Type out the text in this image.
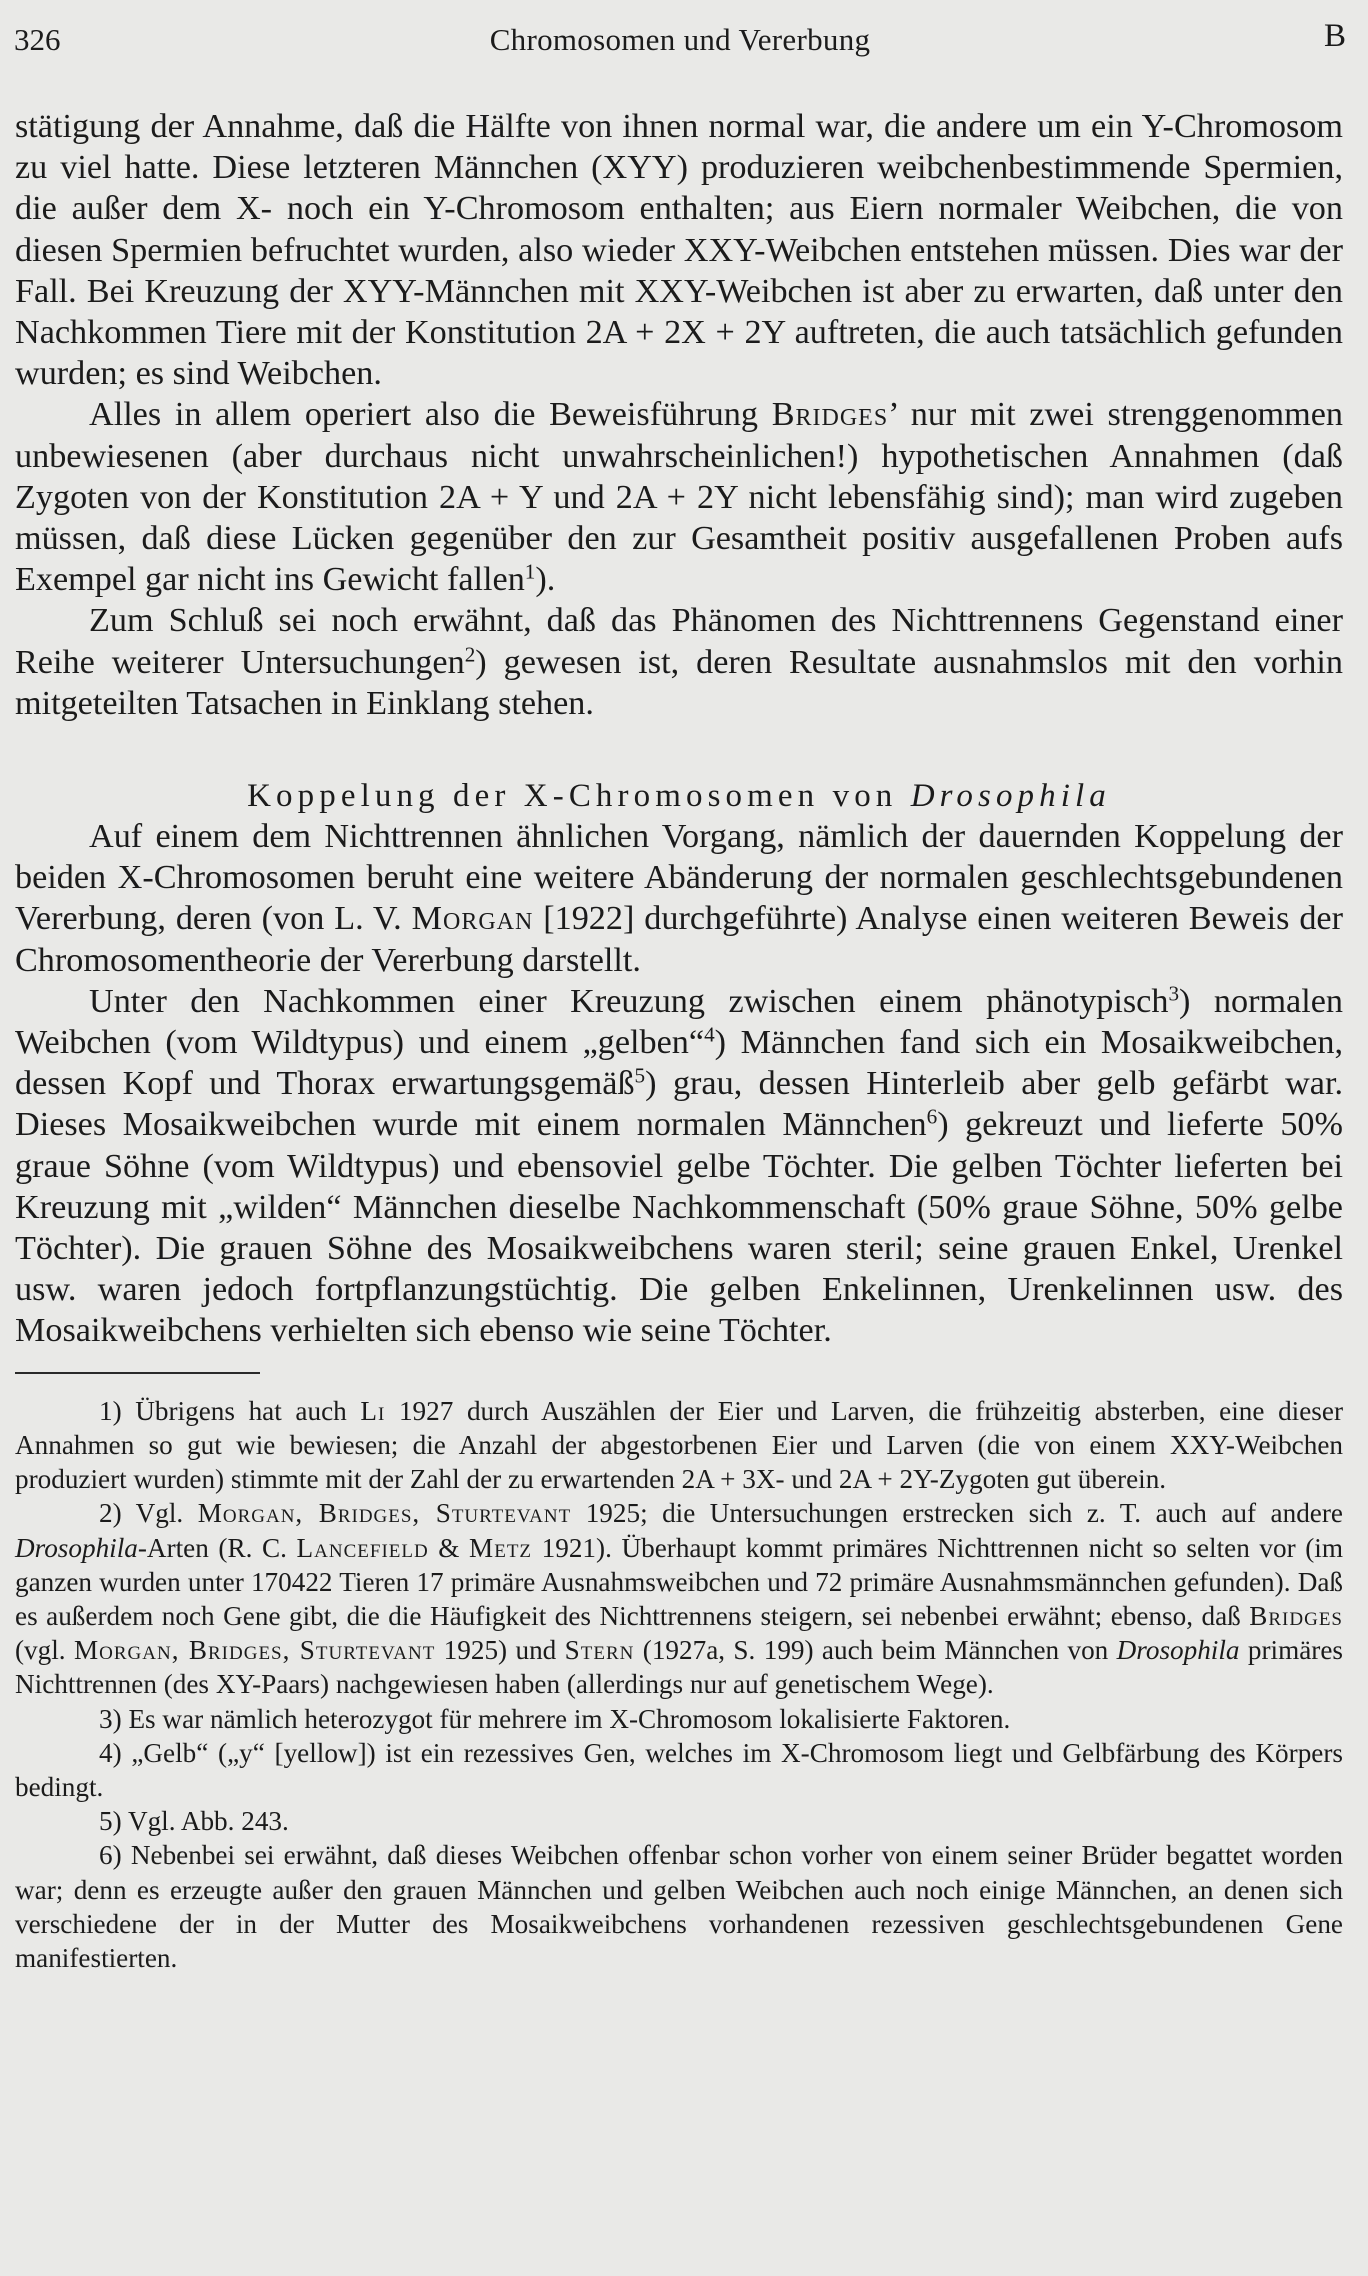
326	Chromosomen und Vererbung	B

stätigung der Annahme, daß die Hälfte von ihnen normal war, die andere um ein Y-Chromosom zu viel hatte. Diese letzteren Männchen (XYY) produzieren weibchenbestimmende Spermien, die außer dem X- noch ein Y-Chromosom enthalten; aus Eiern normaler Weibchen, die von diesen Spermien befruchtet wurden, also wieder XXY-Weibchen entstehen müssen. Dies war der Fall. Bei Kreuzung der XYY-Männchen mit XXY-Weibchen ist aber zu erwarten, daß unter den Nachkommen Tiere mit der Konstitution 2A + 2X + 2Y auftreten, die auch tatsächlich gefunden wurden; es sind Weibchen.

Alles in allem operiert also die Beweisführung Bridges’ nur mit zwei strenggenommen unbewiesenen (aber durchaus nicht unwahrscheinlichen!) hypothetischen Annahmen (daß Zygoten von der Konstitution 2A + Y und 2A + 2Y nicht lebensfähig sind); man wird zugeben müssen, daß diese Lücken gegenüber den zur Gesamtheit positiv ausgefallenen Proben aufs Exempel gar nicht ins Gewicht fallen$^1$).

Zum Schluß sei noch erwähnt, daß das Phänomen des Nichttrennens Gegenstand einer Reihe weiterer Untersuchungen$^2$) gewesen ist, deren Resultate ausnahmslos mit den vorhin mitgeteilten Tatsachen in Einklang stehen.

Koppelung der X-Chromosomen von Drosophila

Auf einem dem Nichttrennen ähnlichen Vorgang, nämlich der dauernden Koppelung der beiden X-Chromosomen beruht eine weitere Abänderung der normalen geschlechtsgebundenen Vererbung, deren (von L. V. Morgan [1922] durchgeführte) Analyse einen weiteren Beweis der Chromosomentheorie der Vererbung darstellt.

Unter den Nachkommen einer Kreuzung zwischen einem phänotypisch$^3$) normalen Weibchen (vom Wildtypus) und einem „gelben“$^4$) Männchen fand sich ein Mosaikweibchen, dessen Kopf und Thorax erwartungsgemäß$^5$) grau, dessen Hinterleib aber gelb gefärbt war. Dieses Mosaikweibchen wurde mit einem normalen Männchen$^6$) gekreuzt und lieferte 50% graue Söhne (vom Wildtypus) und ebensoviel gelbe Töchter. Die gelben Töchter lieferten bei Kreuzung mit „wilden“ Männchen dieselbe Nachkommenschaft (50% graue Söhne, 50% gelbe Töchter). Die grauen Söhne des Mosaikweibchens waren steril; seine grauen Enkel, Urenkel usw. waren jedoch fortpflanzungstüchtig. Die gelben Enkelinnen, Urenkelinnen usw. des Mosaikweibchens verhielten sich ebenso wie seine Töchter.

1) Übrigens hat auch Li 1927 durch Auszählen der Eier und Larven, die frühzeitig absterben, eine dieser Annahmen so gut wie bewiesen; die Anzahl der abgestorbenen Eier und Larven (die von einem XXY-Weibchen produziert wurden) stimmte mit der Zahl der zu erwartenden 2A + 3X- und 2A + 2Y-Zygoten gut überein.

2) Vgl. Morgan, Bridges, Sturtevant 1925; die Untersuchungen erstrecken sich z. T. auch auf andere Drosophila-Arten (R. C. Lancefield & Metz 1921). Überhaupt kommt primäres Nichttrennen nicht so selten vor (im ganzen wurden unter 170422 Tieren 17 primäre Ausnahmsweibchen und 72 primäre Ausnahmsmännchen gefunden). Daß es außerdem noch Gene gibt, die die Häufigkeit des Nichttrennens steigern, sei nebenbei erwähnt; ebenso, daß Bridges (vgl. Morgan, Bridges, Sturtevant 1925) und Stern (1927a, S. 199) auch beim Männchen von Drosophila primäres Nichttrennen (des XY-Paars) nachgewiesen haben (allerdings nur auf genetischem Wege).

3) Es war nämlich heterozygot für mehrere im X-Chromosom lokalisierte Faktoren.

4) „Gelb“ („y“ [yellow]) ist ein rezessives Gen, welches im X-Chromosom liegt und Gelbfärbung des Körpers bedingt.

5) Vgl. Abb. 243.

6) Nebenbei sei erwähnt, daß dieses Weibchen offenbar schon vorher von einem seiner Brüder begattet worden war; denn es erzeugte außer den grauen Männchen und gelben Weibchen auch noch einige Männchen, an denen sich verschiedene der in der Mutter des Mosaikweibchens vorhandenen rezessiven geschlechtsgebundenen Gene manifestierten.
